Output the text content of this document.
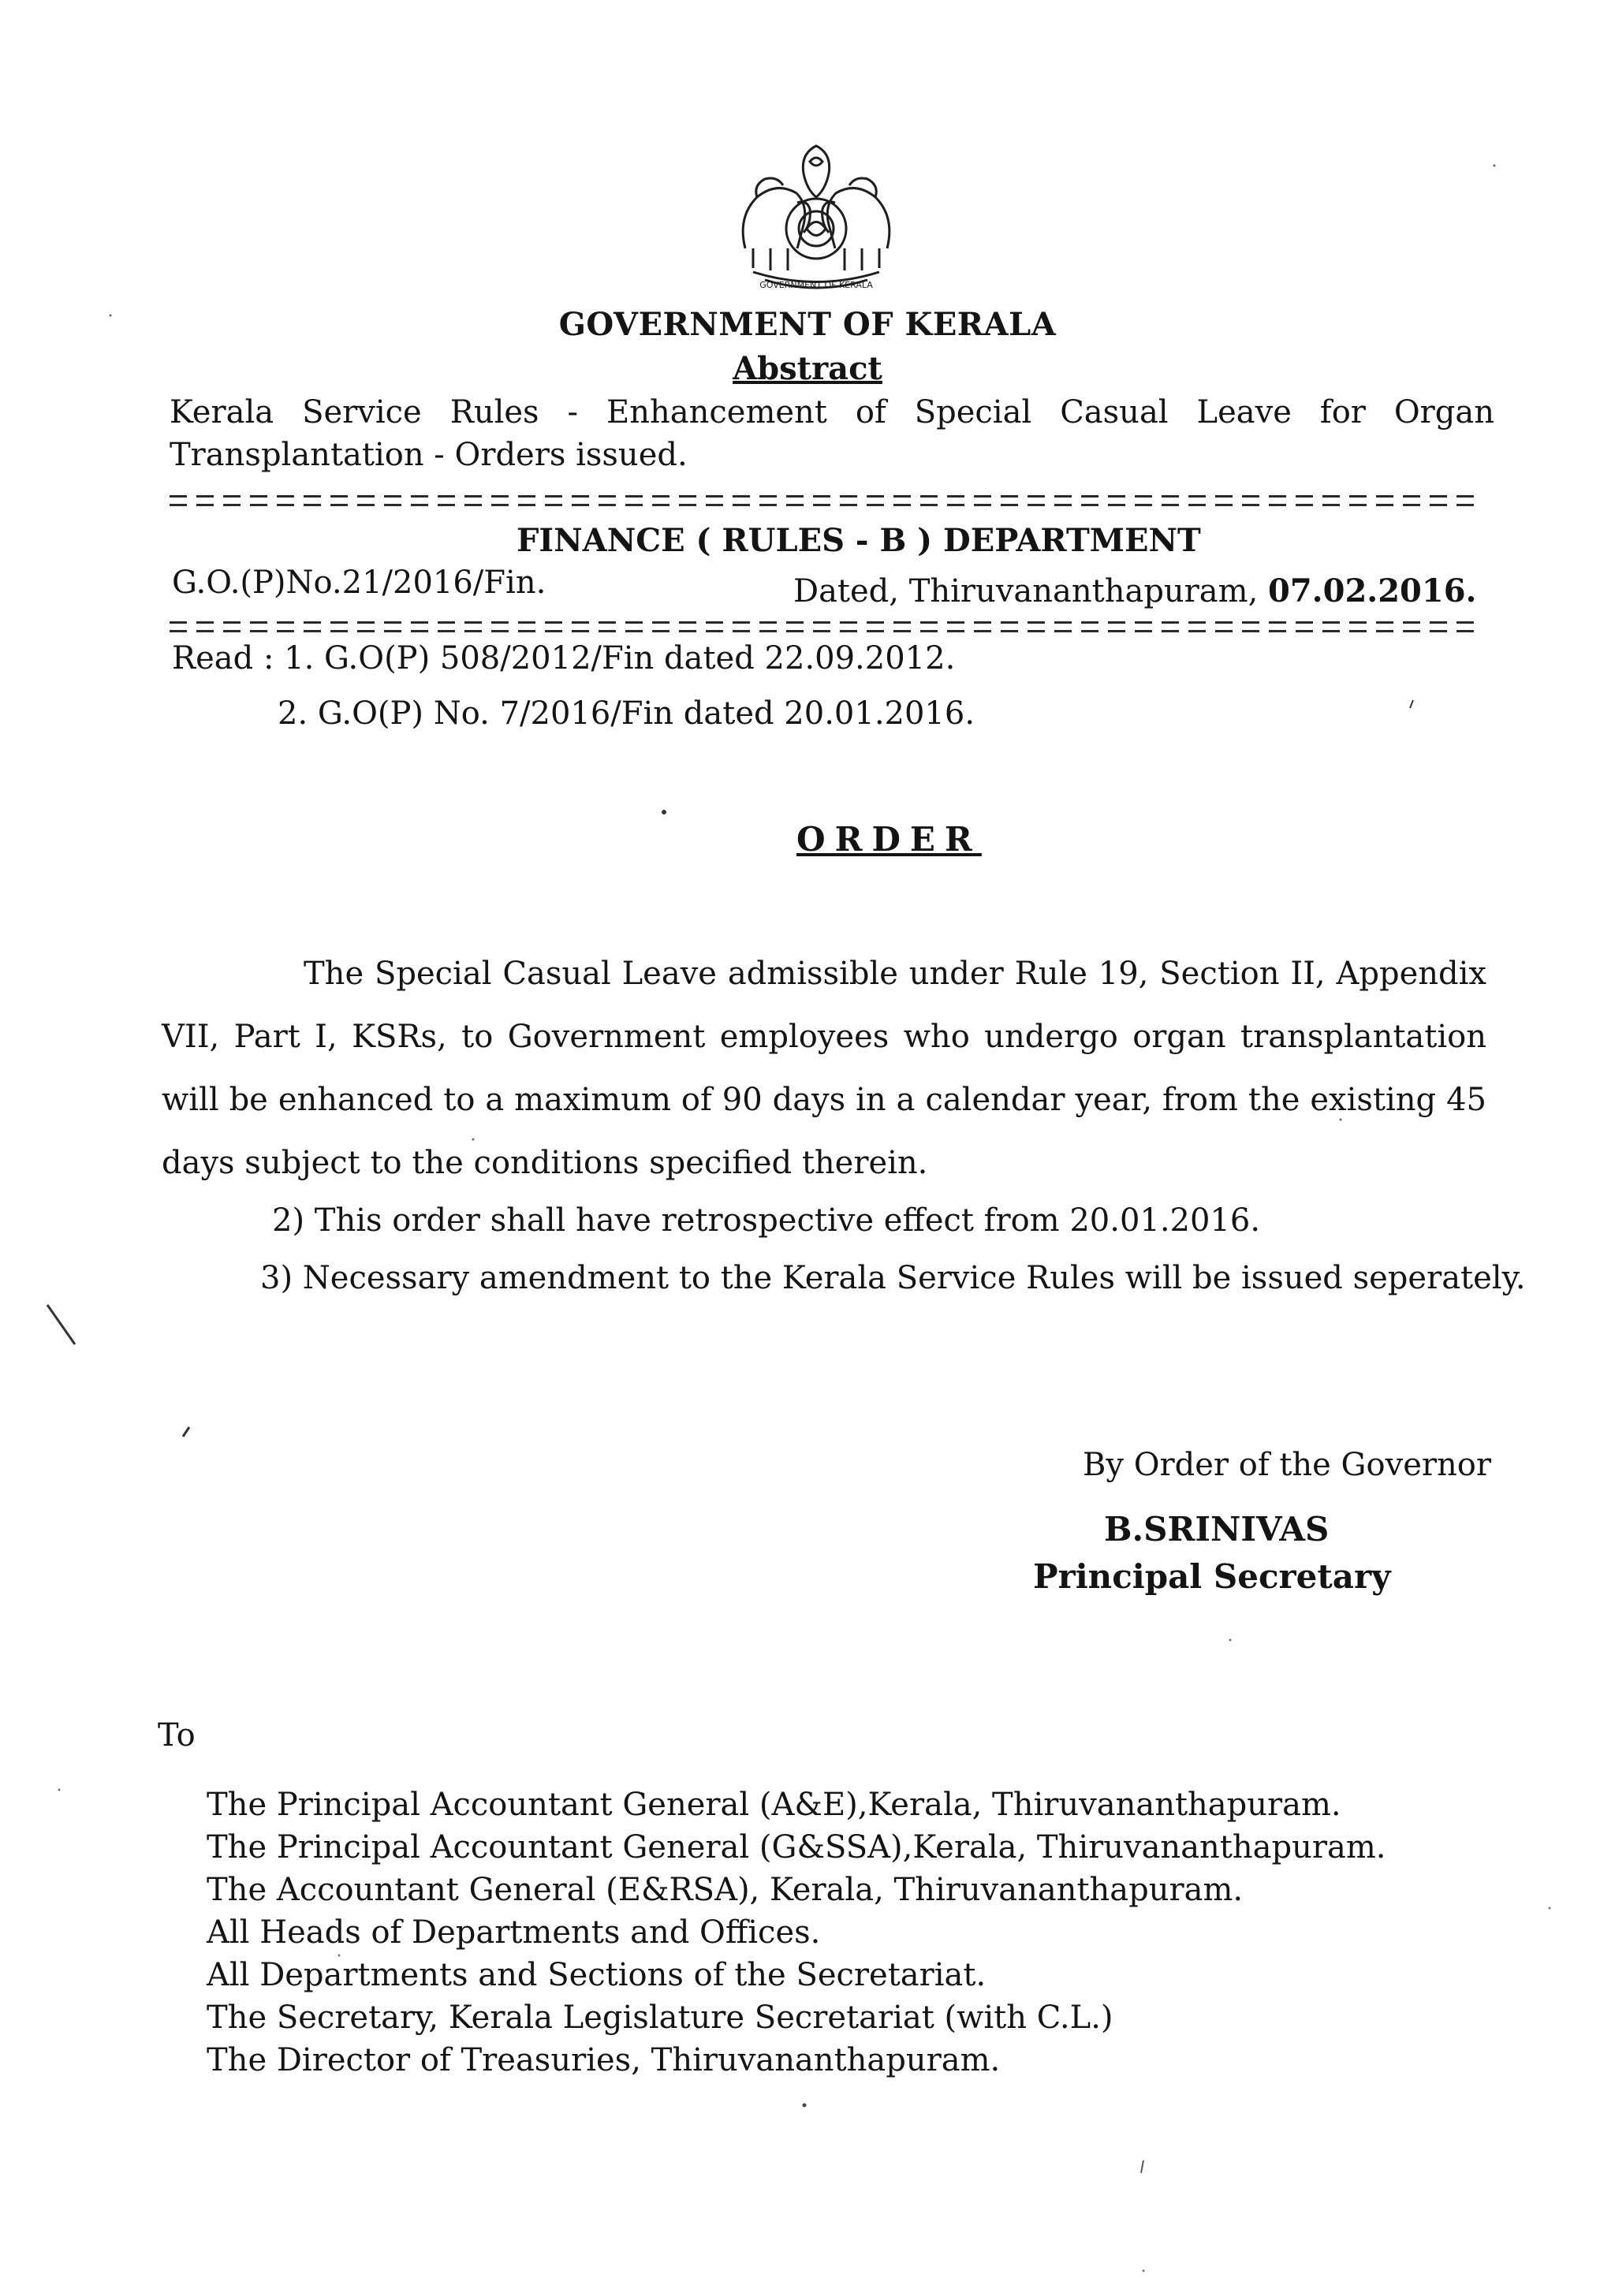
GOVERNMENT OF KERALA
GOVERNMENT OF KERALA
Abstract
Kerala Service Rules - Enhancement of Special Casual Leave for Organ Transplantation - Orders issued.
FINANCE ( RULES - B ) DEPARTMENT
G.O.(P)No.21/2016/Fin.	Dated, Thiruvananthapuram, 07.02.2016.
Read : 1. G.O(P) 508/2012/Fin dated 22.09.2012.
2. G.O(P) No. 7/2016/Fin dated 20.01.2016.
ORDER
The Special Casual Leave admissible under Rule 19, Section II, Appendix VII, Part I, KSRs, to Government employees who undergo organ transplantation will be enhanced to a maximum of 90 days in a calendar year, from the existing 45 days subject to the conditions specified therein.
2) This order shall have retrospective effect from 20.01.2016.
3) Necessary amendment to the Kerala Service Rules will be issued seperately.
By Order of the Governor
B.SRINIVAS
Principal Secretary
To
The Principal Accountant General (A&E),Kerala, Thiruvananthapuram.
The Principal Accountant General (G&SSA),Kerala, Thiruvananthapuram.
The Accountant General (E&RSA), Kerala, Thiruvananthapuram.
All Heads of Departments and Offices.
All Departments and Sections of the Secretariat.
The Secretary, Kerala Legislature Secretariat (with C.L.)
The Director of Treasuries, Thiruvananthapuram.
